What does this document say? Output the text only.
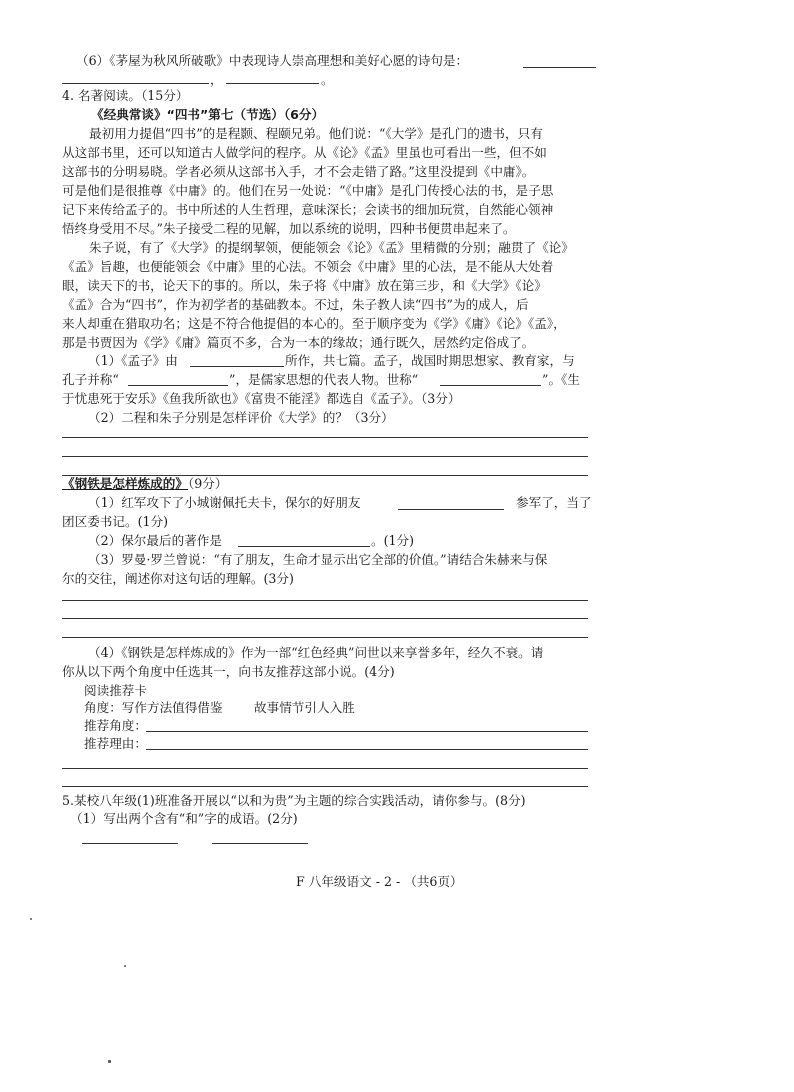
（6）《茅屋为秋风所破歌》中表现诗人崇高理想和美好心愿的诗句是：
，	。
4. 名著阅读。（15分）
《经典常谈》“四书”第七（节选）（6分）
最初用力提倡“四书”的是程颢、程颐兄弟。他们说：“《大学》是孔门的遗书，只有
从这部书里，还可以知道古人做学问的程序。从《论》《孟》里虽也可看出一些，但不如
这部书的分明易晓。学者必须从这部书入手，才不会走错了路。”这里没提到《中庸》。
可是他们是很推尊《中庸》的。他们在另一处说：“《中庸》是孔门传授心法的书，是子思
记下来传给孟子的。书中所述的人生哲理，意味深长；会读书的细加玩赏，自然能心领神
悟终身受用不尽。”朱子接受二程的见解，加以系统的说明，四种书便贯串起来了。
朱子说，有了《大学》的提纲挈领，便能领会《论》《孟》里精微的分别；融贯了《论》
《孟》旨趣，也便能领会《中庸》里的心法。不领会《中庸》里的心法，是不能从大处着
眼，读天下的书，论天下的事的。所以，朱子将《中庸》放在第三步，和《大学》《论》
《孟》合为“四书”，作为初学者的基础教本。不过，朱子教人读“四书”为的成人，后
来人却重在猎取功名；这是不符合他提倡的本心的。至于顺序变为《学》《庸》《论》《孟》，
那是书贾因为《学》《庸》篇页不多，合为一本的缘故；通行既久，居然约定俗成了。
（1）《孟子》由	所作，共七篇。孟子，战国时期思想家、教育家，与
孔子并称“	”，是儒家思想的代表人物。世称“	”。《生
于忧患死于安乐》《鱼我所欲也》《富贵不能淫》都选自《孟子》。（3分）
（2）二程和朱子分别是怎样评价《大学》的？（3分）
《钢铁是怎样炼成的》（9分）
（1）红军攻下了小城谢佩托夫卡，保尔的好朋友	参军了，当了
团区委书记。(1分)
（2）保尔最后的著作是	。(1分)
（3）罗曼·罗兰曾说：“有了朋友，生命才显示出它全部的价值。”请结合朱赫来与保
尔的交往，阐述你对这句话的理解。(3分)
（4）《钢铁是怎样炼成的》作为一部“红色经典”问世以来享誉多年，经久不衰。请
你从以下两个角度中任选其一，向书友推荐这部小说。(4分)
阅读推荐卡
角度：写作方法值得借鉴 故事情节引人入胜
推荐角度：
推荐理由：
5.某校八年级(1)班准备开展以“以和为贵”为主题的综合实践活动，请你参与。(8分)
（1）写出两个含有“和”字的成语。(2分)
F 八年级语文 - 2 - （共6页）
